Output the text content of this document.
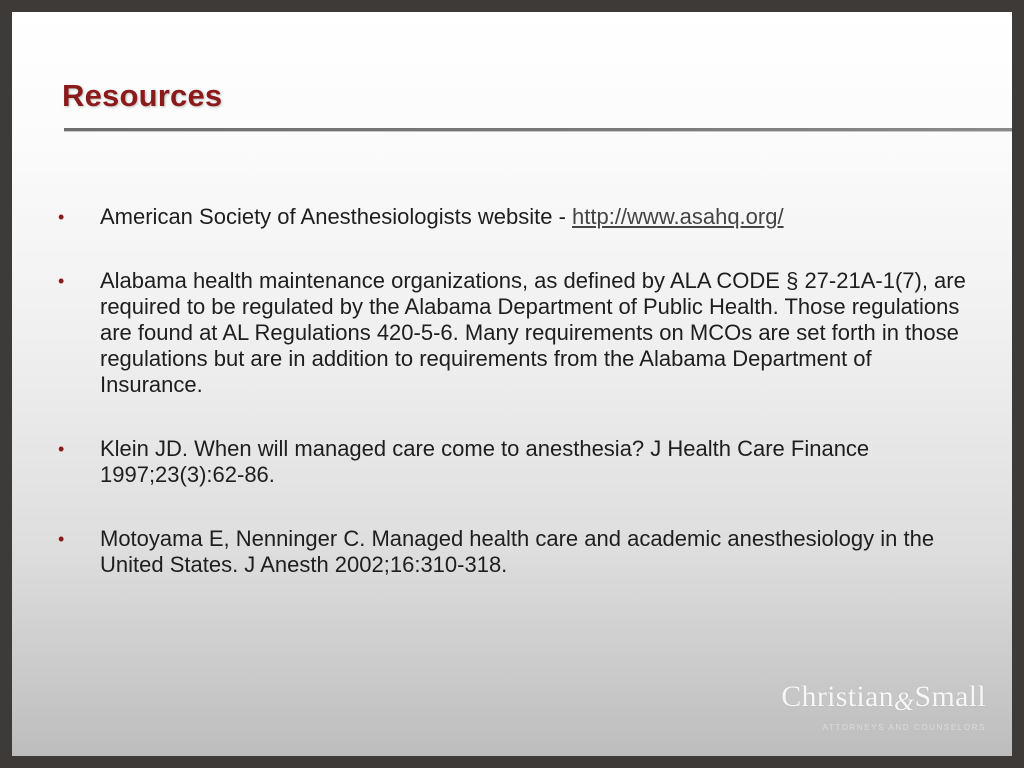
Resources
•	American Society of Anesthesiologists website - http://www.asahq.org/
•	Alabama health maintenance organizations, as defined by ALA CODE § 27-21A-1(7), are required to be regulated by the Alabama Department of Public Health. Those regulations are found at AL Regulations 420-5-6. Many requirements on MCOs are set forth in those regulations but are in addition to requirements from the Alabama Department of Insurance.
•	Klein JD. When will managed care come to anesthesia? J Health Care Finance 1997;23(3):62-86.
•	Motoyama E, Nenninger C. Managed health care and academic anesthesiology in the United States. J Anesth 2002;16:310-318.
Christian&Small
ATTORNEYS AND COUNSELORS
